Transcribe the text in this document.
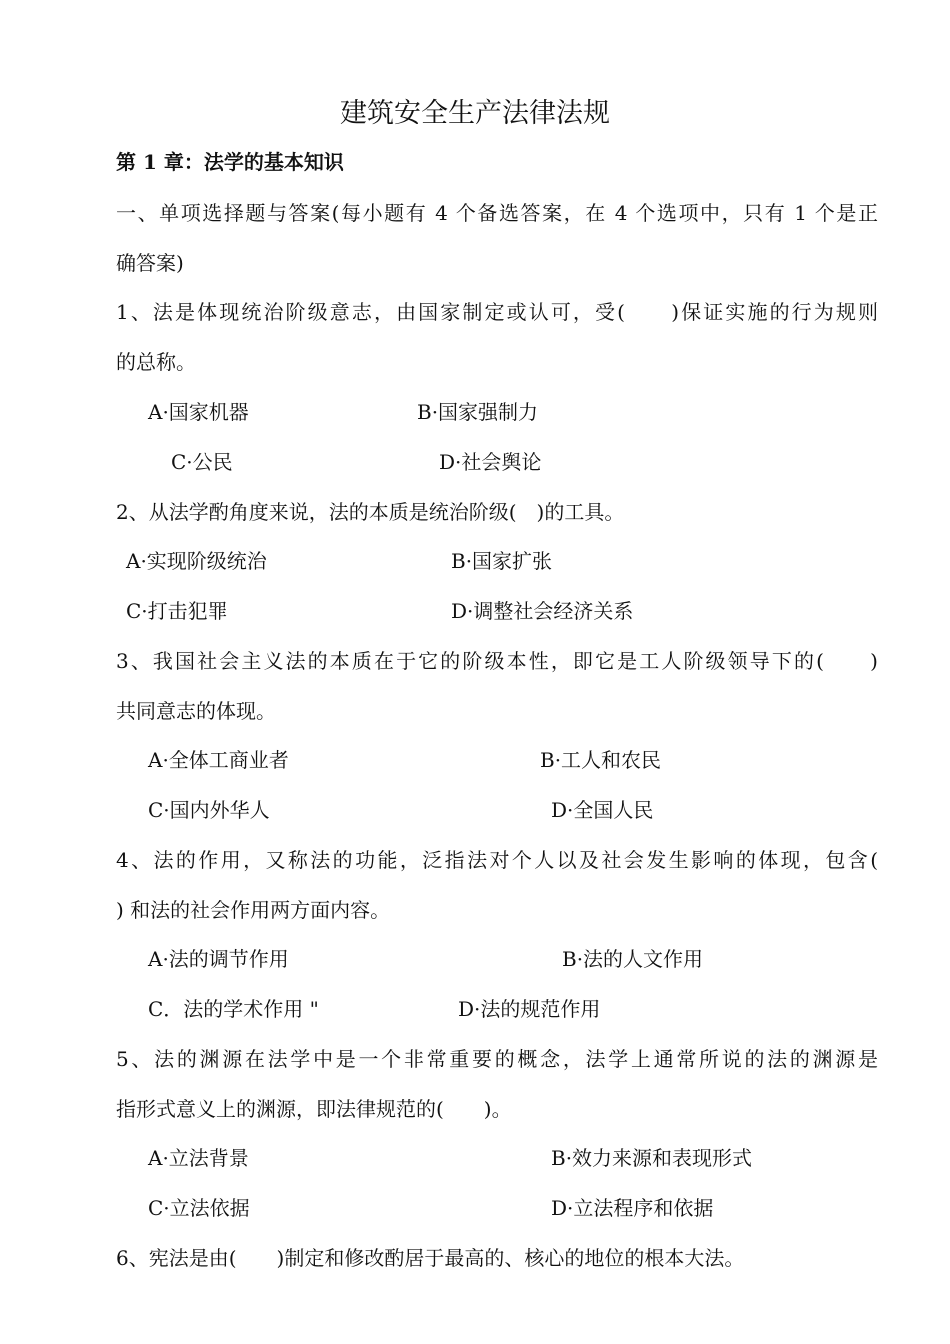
建筑安全生产法律法规
第 1 章：法学的基本知识
一、单项选择题与答案(每小题有 4 个备选答案，在 4 个选项中，只有 1 个是正
确答案)
1、法是体现统治阶级意志，由国家制定或认可，受(　　)保证实施的行为规则
的总称。
A·国家机器	B·国家强制力
C·公民	D·社会舆论
2、从法学酌角度来说，法的本质是统治阶级(　)的工具。
A·实现阶级统治	B·国家扩张
C·打击犯罪	D·调整社会经济关系
3、我国社会主义法的本质在于它的阶级本性，即它是工人阶级领导下的(　　)
共同意志的体现。
A·全体工商业者	B·工人和农民
C·国内外华人	D·全国人民
4、法的作用，又称法的功能，泛指法对个人以及社会发生影响的体现，包含(
) 和法的社会作用两方面内容。
A·法的调节作用	B·法的人文作用
C．法的学术作用 "	D·法的规范作用
5、法的渊源在法学中是一个非常重要的概念，法学上通常所说的法的渊源是
指形式意义上的渊源，即法律规范的(　　)。
A·立法背景	B·效力来源和表现形式
C·立法依据	D·立法程序和依据
6、宪法是由(　　)制定和修改酌居于最高的、核心的地位的根本大法。
